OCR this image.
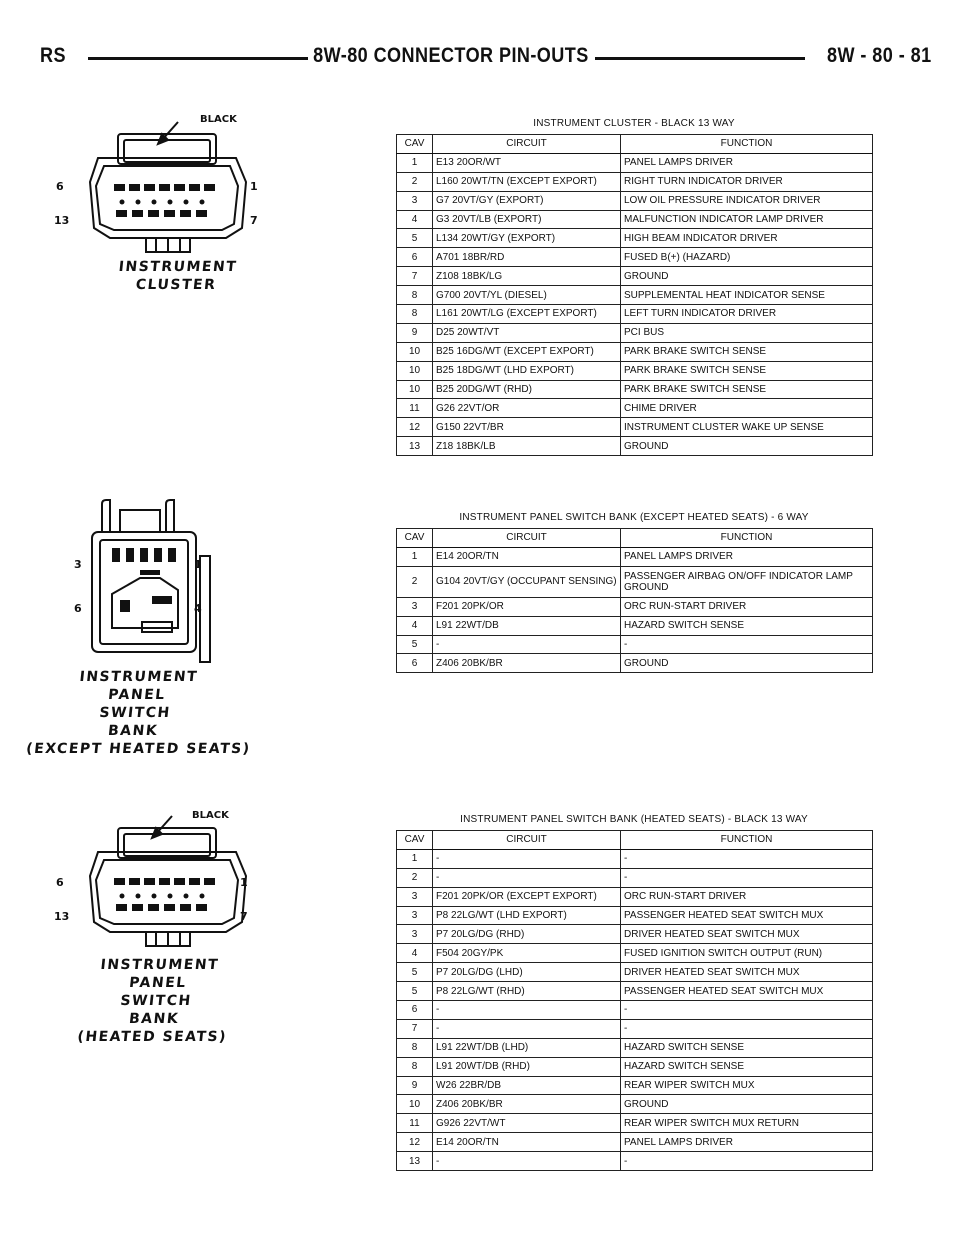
RS	8W-80 CONNECTOR PIN-OUTS	8W - 80 - 81
INSTRUMENT CLUSTER - BLACK 13 WAY
CAV	CIRCUIT	FUNCTION
1	E13 20OR/WT	PANEL LAMPS DRIVER
2	L160 20WT/TN (EXCEPT EXPORT)	RIGHT TURN INDICATOR DRIVER
3	G7 20VT/GY (EXPORT)	LOW OIL PRESSURE INDICATOR DRIVER
4	G3 20VT/LB (EXPORT)	MALFUNCTION INDICATOR LAMP DRIVER
5	L134 20WT/GY (EXPORT)	HIGH BEAM INDICATOR DRIVER
6	A701 18BR/RD	FUSED B(+) (HAZARD)
7	Z108 18BK/LG	GROUND
8	G700 20VT/YL (DIESEL)	SUPPLEMENTAL HEAT INDICATOR SENSE
8	L161 20WT/LG (EXCEPT EXPORT)	LEFT TURN INDICATOR DRIVER
9	D25 20WT/VT	PCI BUS
10	B25 16DG/WT (EXCEPT EXPORT)	PARK BRAKE SWITCH SENSE
10	B25 18DG/WT (LHD EXPORT)	PARK BRAKE SWITCH SENSE
10	B25 20DG/WT (RHD)	PARK BRAKE SWITCH SENSE
11	G26 22VT/OR	CHIME DRIVER
12	G150 22VT/BR	INSTRUMENT CLUSTER WAKE UP SENSE
13	Z18 18BK/LB	GROUND
INSTRUMENT PANEL SWITCH BANK (EXCEPT HEATED SEATS) - 6 WAY
CAV	CIRCUIT	FUNCTION
1	E14 20OR/TN	PANEL LAMPS DRIVER
2	G104 20VT/GY (OCCUPANT SENSING)	PASSENGER AIRBAG ON/OFF INDICATOR LAMP GROUND
3	F201 20PK/OR	ORC RUN-START DRIVER
4	L91 22WT/DB	HAZARD SWITCH SENSE
5	-	-
6	Z406 20BK/BR	GROUND
INSTRUMENT PANEL SWITCH BANK (HEATED SEATS) - BLACK 13 WAY
CAV	CIRCUIT	FUNCTION
1	-	-
2	-	-
3	F201 20PK/OR (EXCEPT EXPORT)	ORC RUN-START DRIVER
3	P8 22LG/WT (LHD EXPORT)	PASSENGER HEATED SEAT SWITCH MUX
3	P7 20LG/DG (RHD)	DRIVER HEATED SEAT SWITCH MUX
4	F504 20GY/PK	FUSED IGNITION SWITCH OUTPUT (RUN)
5	P7 20LG/DG (LHD)	DRIVER HEATED SEAT SWITCH MUX
5	P8 22LG/WT (RHD)	PASSENGER HEATED SEAT SWITCH MUX
6	-	-
7	-	-
8	L91 22WT/DB (LHD)	HAZARD SWITCH SENSE
8	L91 20WT/DB (RHD)	HAZARD SWITCH SENSE
9	W26 22BR/DB	REAR WIPER SWITCH MUX
10	Z406 20BK/BR	GROUND
11	G926 22VT/WT	REAR WIPER SWITCH MUX RETURN
12	E14 20OR/TN	PANEL LAMPS DRIVER
13	-	-
BLACK
6
13
1
7
INSTRUMENT
CLUSTER
3
6
1
4
INSTRUMENT
PANEL
SWITCH
BANK
(EXCEPT HEATED SEATS)
BLACK
6
13
1
7
INSTRUMENT
PANEL
SWITCH
BANK
(HEATED SEATS)
